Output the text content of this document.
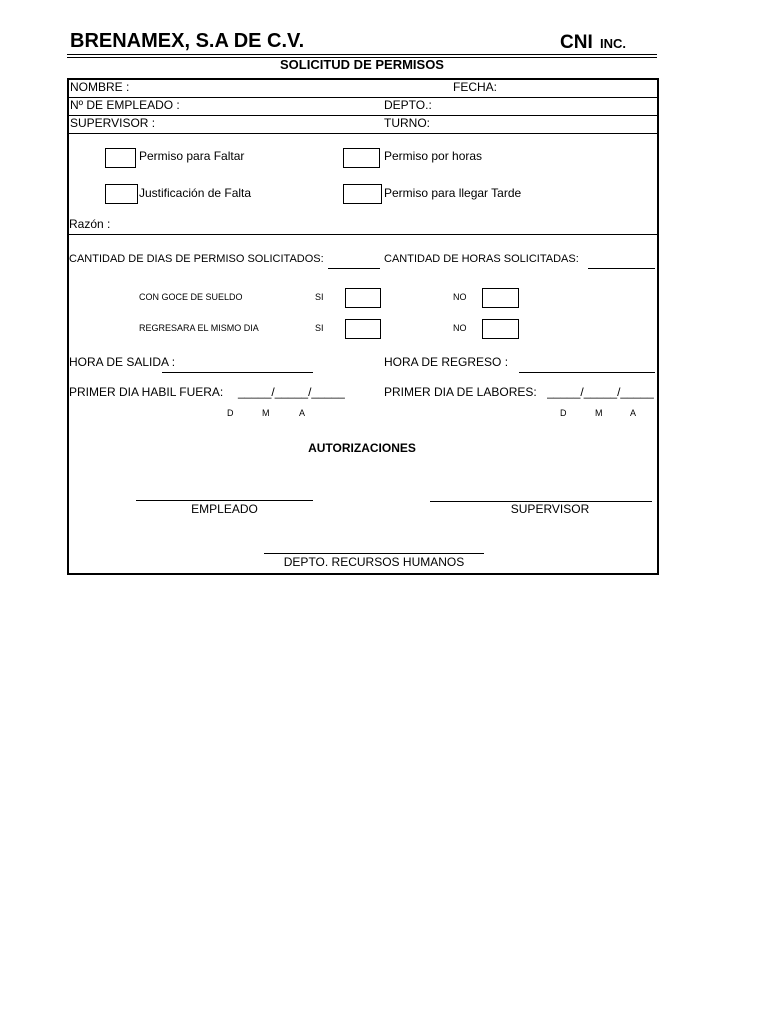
BRENAMEX, S.A DE C.V.	CNI INC.
SOLICITUD DE PERMISOS
NOMBRE :	FECHA:
Nº DE EMPLEADO :	DEPTO.:
SUPERVISOR :	TURNO:
Permiso para Faltar	Permiso por horas
Justificación de Falta	Permiso para llegar Tarde
Razón :
CANTIDAD DE DIAS DE PERMISO SOLICITADOS:	CANTIDAD DE HORAS SOLICITADAS:
CON GOCE DE SUELDO	SI	NO
REGRESARA EL MISMO DIA	SI	NO
HORA DE SALIDA :	HORA DE REGRESO :
PRIMER DIA HABIL FUERA: _____/_____/_____	PRIMER DIA DE LABORES: _____/_____/_____
D	M	A	D	M	A
AUTORIZACIONES
EMPLEADO	SUPERVISOR
DEPTO. RECURSOS HUMANOS
